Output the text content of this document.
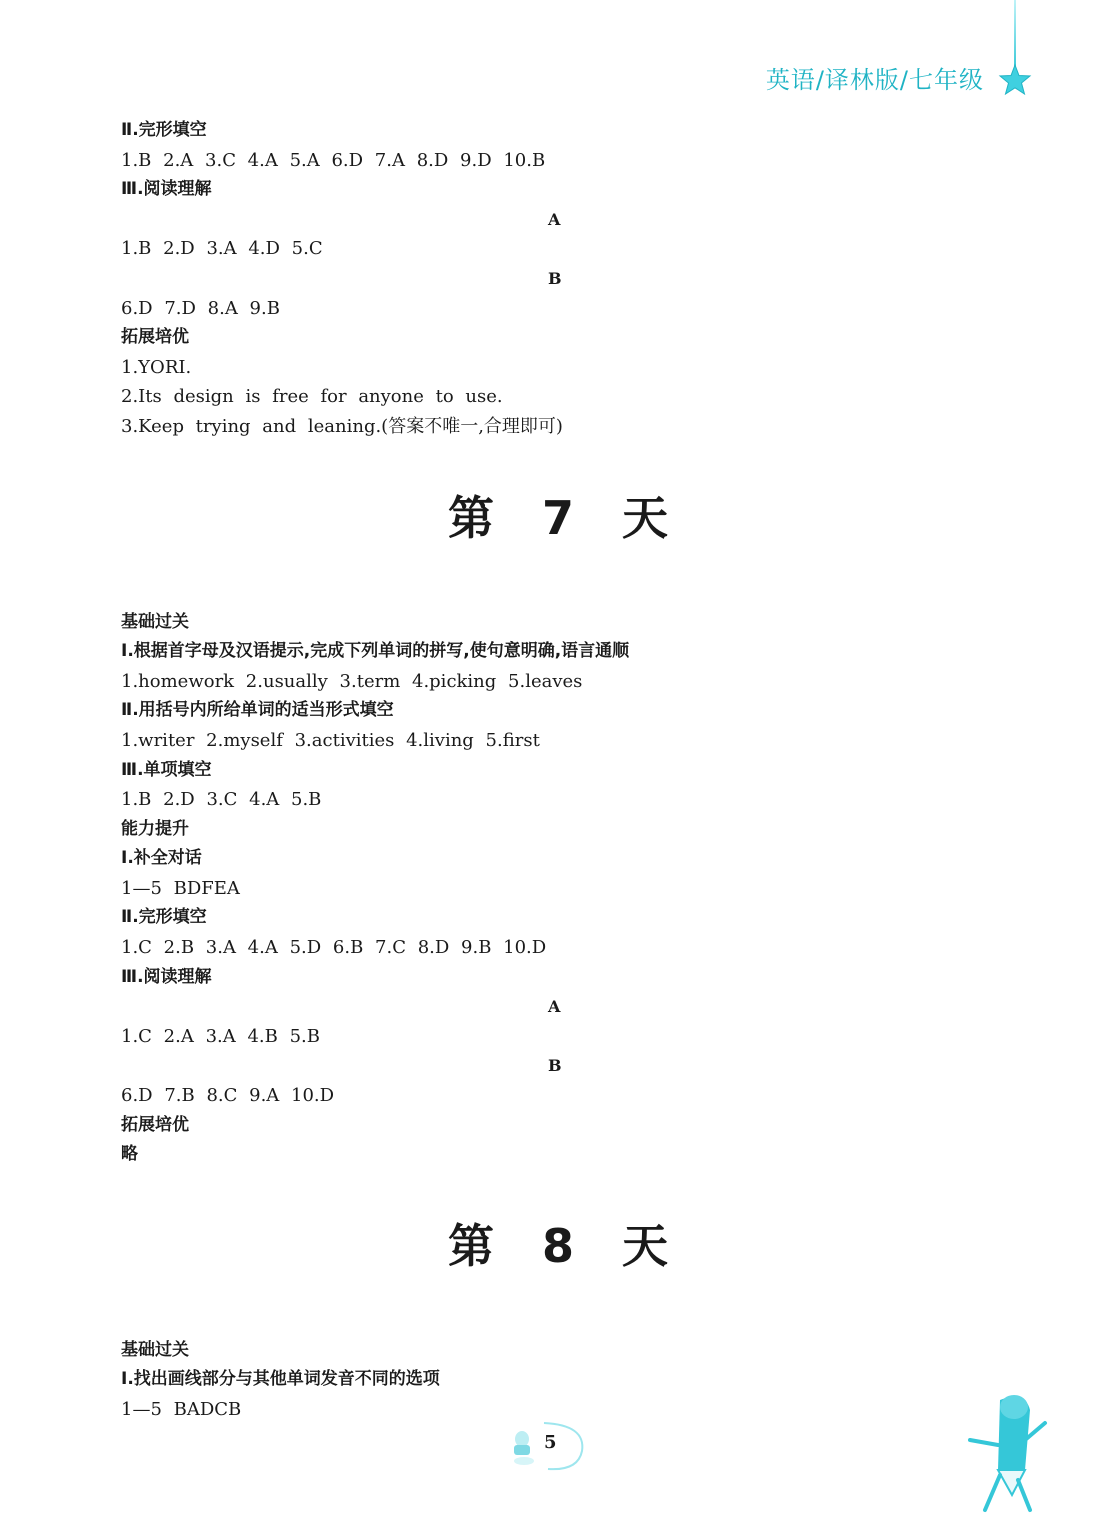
英语/译林版/七年级
Ⅱ.完形填空
1.B 2.A 3.C 4.A 5.A 6.D 7.A 8.D 9.D 10.B
Ⅲ.阅读理解
A
1.B 2.D 3.A 4.D 5.C
B
6.D 7.D 8.A 9.B
拓展培优
1.YORI.
2.Its design is free for anyone to use.
3.Keep trying and leaning.(答案不唯一,合理即可)
第 7 天
基础过关
Ⅰ.根据首字母及汉语提示,完成下列单词的拼写,使句意明确,语言通顺
1.homework 2.usually 3.term 4.picking 5.leaves
Ⅱ.用括号内所给单词的适当形式填空
1.writer 2.myself 3.activities 4.living 5.first
Ⅲ.单项填空
1.B 2.D 3.C 4.A 5.B
能力提升
Ⅰ.补全对话
1—5 BDFEA
Ⅱ.完形填空
1.C 2.B 3.A 4.A 5.D 6.B 7.C 8.D 9.B 10.D
Ⅲ.阅读理解
A
1.C 2.A 3.A 4.B 5.B
B
6.D 7.B 8.C 9.A 10.D
拓展培优
略
第 8 天
基础过关
Ⅰ.找出画线部分与其他单词发音不同的选项
1—5 BADCB
5
